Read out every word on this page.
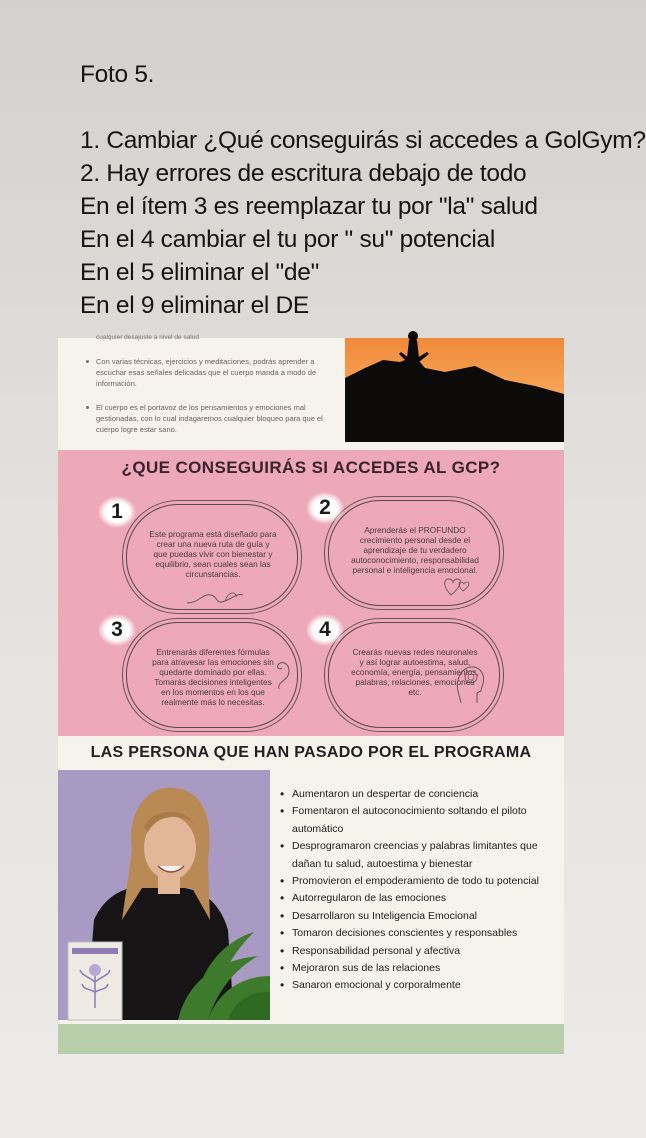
Foto 5.
1. Cambiar ¿Qué conseguirás si accedes a GolGym?
2. Hay errores de escritura debajo de todo
En el ítem 3 es reemplazar tu por "la" salud
En el 4 cambiar el tu por " su" potencial
En el 5 eliminar el "de"
En el 9 eliminar el DE
cualquier desajuste a nivel de salud
Con varias técnicas, ejercicios y meditaciones, podrás aprender a escuchar esas señales delicadas que el cuerpo manda a modo de información.
El cuerpo es el portavoz de los pensamientos y emociones mal gestionadas, con lo cual indagaremos cualquier bloqueo para que el cuerpo logre estar sano.
¿QUE CONSEGUIRÁS SI ACCEDES AL GCP?
Este programa está diseñado para crear una nueva ruta de guía y que puedas vivir con bienestar y equilibrio, sean cuales sean las circunstancias.
1
Aprenderás el PROFUNDO crecimiento personal desde el aprendizaje de tu verdadero autoconocimiento, responsabilidad personal e inteligencia emocional.
2
Entrenarás diferentes fórmulas para atravesar las emociones sin quedarte dominado por ellas. Tomarás decisiones inteligentes en los momentos en los que realmente más lo necesitas.
3
Crearás nuevas redes neuronales y así lograr autoestima, salud, economía, energía, pensamientos, palabras, relaciones, emociones etc.
4
LAS PERSONA QUE HAN PASADO POR EL PROGRAMA
• Aumentaron un despertar de conciencia
• Fomentaron el autoconocimiento soltando el piloto automático
• Desprogramaron creencias y palabras limitantes que dañan tu salud, autoestima y bienestar
• Promovieron el empoderamiento de todo tu potencial
• Autorregularon de las emociones
• Desarrollaron su Inteligencia Emocional
• Tomaron decisiones conscientes y responsables
• Responsabilidad personal y afectiva
• Mejoraron sus de las relaciones
• Sanaron emocional y corporalmente
